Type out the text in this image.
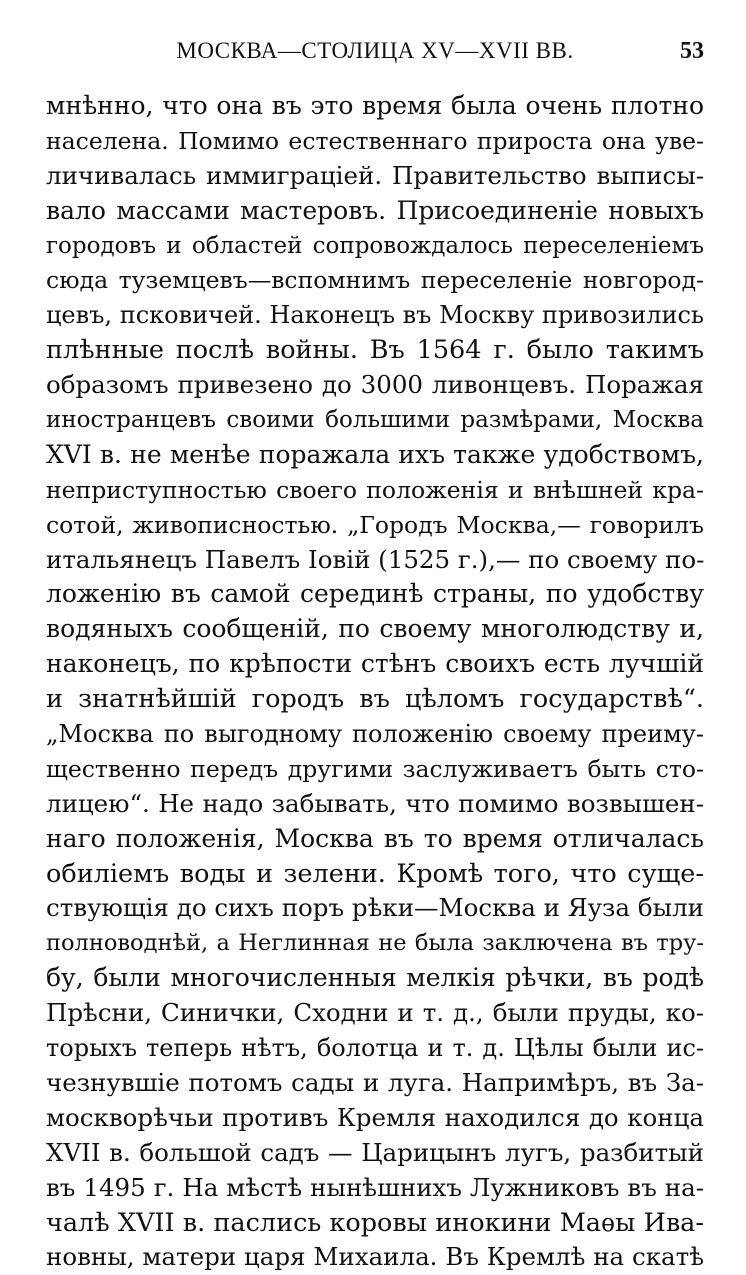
МОСКВА—СТОЛИЦА XV—XVII ВВ.	53
мнѣнно, что она въ это время была очень плотно
населена. Помимо естественнаго прироста она уве-
личивалась иммиграціей. Правительство выписы-
вало массами мастеровъ. Присоединеніе новыхъ
городовъ и областей сопровождалось переселеніемъ
сюда туземцевъ—вспомнимъ переселеніе новгород-
цевъ, псковичей. Наконецъ въ Москву привозились
плѣнные послѣ войны. Въ 1564 г. было такимъ
образомъ привезено до 3000 ливонцевъ. Поражая
иностранцевъ своими большими размѣрами, Москва
XVI в. не менѣе поражала ихъ также удобствомъ,
неприступностью своего положенія и внѣшней кра-
сотой, живописностью. „Городъ Москва,— говорилъ
итальянецъ Павелъ Іовій (1525 г.),— по своему по-
ложенію въ самой серединѣ страны, по удобству
водяныхъ сообщеній, по своему многолюдству и,
наконецъ, по крѣпости стѣнъ своихъ есть лучшій
и знатнѣйшій городъ въ цѣломъ государствѣ“.
„Москва по выгодному положенію своему преиму-
щественно передъ другими заслуживаетъ быть сто-
лицею“. Не надо забывать, что помимо возвышен-
наго положенія, Москва въ то время отличалась
обиліемъ воды и зелени. Кромѣ того, что суще-
ствующія до сихъ поръ рѣки—Москва и Яуза были
полноводнѣй, а Неглинная не была заключена въ тру-
бу, были многочисленныя мелкія рѣчки, въ родѣ
Прѣсни, Синички, Сходни и т. д., были пруды, ко-
торыхъ теперь нѣтъ, болотца и т. д. Цѣлы были ис-
чезнувшіе потомъ сады и луга. Напримѣръ, въ За-
москворѣчьи противъ Кремля находился до конца
XVII в. большой садъ — Царицынъ лугъ, разбитый
въ 1495 г. На мѣстѣ нынѣшнихъ Лужниковъ въ на-
чалѣ XVII в. паслись коровы инокини Маѳы Ива-
новны, матери царя Михаила. Въ Кремлѣ на скатѣ
